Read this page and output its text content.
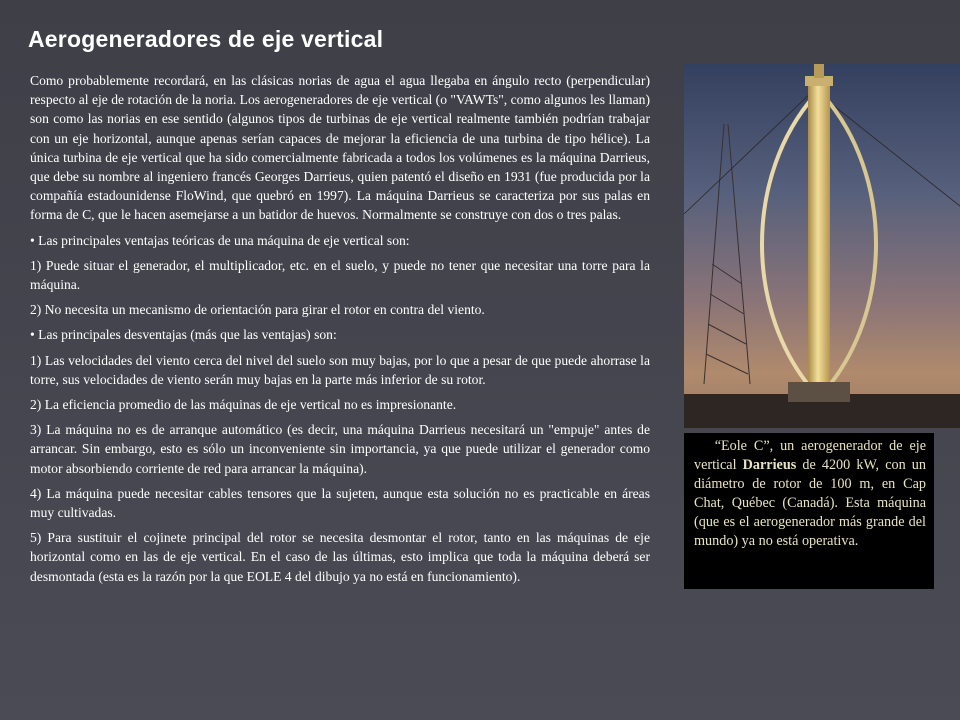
Aerogeneradores de eje vertical

Como probablemente recordará, en las clásicas norias de agua el agua llegaba en ángulo recto (perpendicular) respecto al eje de rotación de la noria. Los aerogeneradores de eje vertical (o "VAWTs", como algunos les llaman) son como las norias en ese sentido (algunos tipos de turbinas de eje vertical realmente también podrían trabajar con un eje horizontal, aunque apenas serían capaces de mejorar la eficiencia de una turbina de tipo hélice). La única turbina de eje vertical que ha sido comercialmente fabricada a todos los volúmenes es la máquina Darrieus, que debe su nombre al ingeniero francés Georges Darrieus, quien patentó el diseño en 1931 (fue producida por la compañía estadounidense FloWind, que quebró en 1997). La máquina Darrieus se caracteriza por sus palas en forma de C, que le hacen asemejarse a un batidor de huevos. Normalmente se construye con dos o tres palas.

• Las principales ventajas teóricas de una máquina de eje vertical son:

1) Puede situar el generador, el multiplicador, etc. en el suelo, y puede no tener que necesitar una torre para la máquina.

2) No necesita un mecanismo de orientación para girar el rotor en contra del viento.

• Las principales desventajas (más que las ventajas) son:

1) Las velocidades del viento cerca del nivel del suelo son muy bajas, por lo que a pesar de que puede ahorrase la torre, sus velocidades de viento serán muy bajas en la parte más inferior de su rotor.

2) La eficiencia promedio de las máquinas de eje vertical no es impresionante.

3) La máquina no es de arranque automático (es decir, una máquina Darrieus necesitará un "empuje" antes de arrancar. Sin embargo, esto es sólo un inconveniente sin importancia, ya que puede utilizar el generador como motor absorbiendo corriente de red para arrancar la máquina).

4) La máquina puede necesitar cables tensores que la sujeten, aunque esta solución no es practicable en áreas muy cultivadas.

5) Para sustituir el cojinete principal del rotor se necesita desmontar el rotor, tanto en las máquinas de eje horizontal como en las de eje vertical. En el caso de las últimas, esto implica que toda la máquina deberá ser desmontada (esta es la razón por la que EOLE 4 del dibujo ya no está en funcionamiento).

“Eole C”, un aerogenerador de eje vertical Darrieus de 4200 kW, con un diámetro de rotor de 100 m, en Cap Chat, Québec (Canadá). Esta máquina (que es el aerogenerador más grande del mundo) ya no está operativa.
